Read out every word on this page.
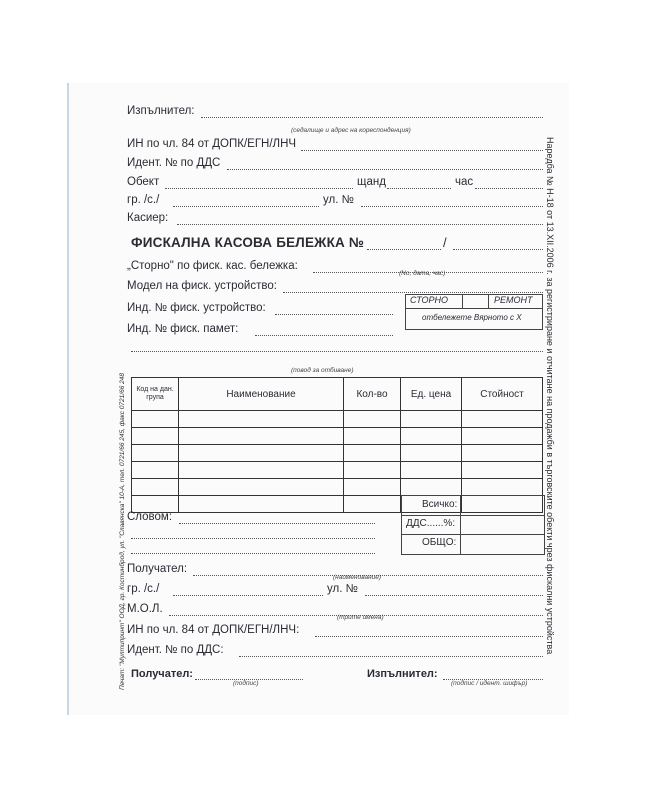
Изпълнител:
(седалище и адрес на кореспонденция)
ИН по чл. 84 от ДОПК/ЕГН/ЛНЧ
Идент. № по ДДС
Обект	щанд	час
гр. /с./	ул. №
Касиер:
ФИСКАЛНА КАСОВА БЕЛЕЖКА №	/
„Сторно" по фиск. кас. бележка:
(No, дата, час)
Модел на фиск. устройство:
Инд. № фиск. устройство:
Инд. № фиск. памет:
СТОРНО	РЕМОНТ
отбележете Вярното с Х
(повод за отбиване)
Код на дан. група	Наименование	Кол-во	Ед. цена	Стойност

Словом:
Всичко:
ДДС......%:
ОБЩО:
Получател:
(наименование)
гр. /с./	ул. №
М.О.Л.
(трите имена)
ИН по чл. 84 от ДОПК/ЕГН/ЛНЧ:
Идент. № по ДДС:
Получател:
(подпис)
Изпълнител:
(подпис / идент. шифър)
Наредба № Н-18 от 13.XII.2006 г. за регистриране и отчитане на продажби в търговските обекти чрез фискални устройства
Печат: "Мултипринт" ООД, гр. Костинброд, ул. "Славянска" 10-А, тел. 0721/66 245, факс 0721/66 248
